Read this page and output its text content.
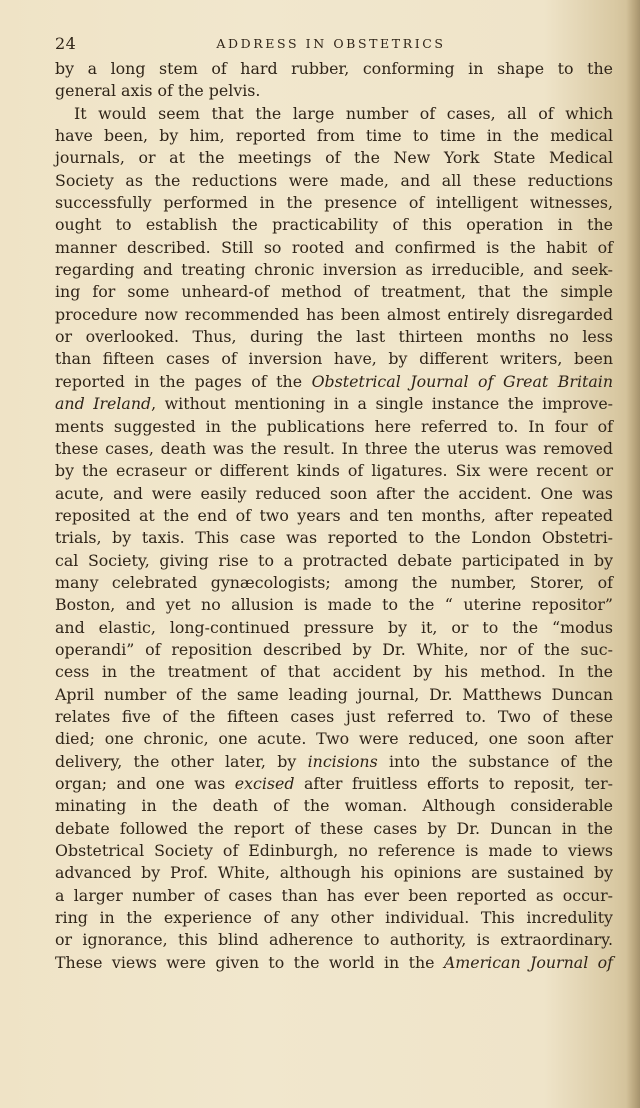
24	ADDRESS IN OBSTETRICS
by a long stem of hard rubber, conforming in shape to the
general axis of the pelvis.
It would seem that the large number of cases, all of which
have been, by him, reported from time to time in the medical
journals, or at the meetings of the New York State Medical
Society as the reductions were made, and all these reductions
successfully performed in the presence of intelligent witnesses,
ought to establish the practicability of this operation in the
manner described. Still so rooted and confirmed is the habit of
regarding and treating chronic inversion as irreducible, and seek-
ing for some unheard-of method of treatment, that the simple
procedure now recommended has been almost entirely disregarded
or overlooked. Thus, during the last thirteen months no less
than fifteen cases of inversion have, by different writers, been
reported in the pages of the Obstetrical Journal of Great Britain
and Ireland, without mentioning in a single instance the improve-
ments suggested in the publications here referred to. In four of
these cases, death was the result. In three the uterus was removed
by the ecraseur or different kinds of ligatures. Six were recent or
acute, and were easily reduced soon after the accident. One was
reposited at the end of two years and ten months, after repeated
trials, by taxis. This case was reported to the London Obstetri-
cal Society, giving rise to a protracted debate participated in by
many celebrated gynæcologists; among the number, Storer, of
Boston, and yet no allusion is made to the “ uterine repositor”
and elastic, long-continued pressure by it, or to the “modus
operandi” of reposition described by Dr. White, nor of the suc-
cess in the treatment of that accident by his method. In the
April number of the same leading journal, Dr. Matthews Duncan
relates five of the fifteen cases just referred to. Two of these
died; one chronic, one acute. Two were reduced, one soon after
delivery, the other later, by incisions into the substance of the
organ; and one was excised after fruitless efforts to reposit, ter-
minating in the death of the woman. Although considerable
debate followed the report of these cases by Dr. Duncan in the
Obstetrical Society of Edinburgh, no reference is made to views
advanced by Prof. White, although his opinions are sustained by
a larger number of cases than has ever been reported as occur-
ring in the experience of any other individual. This incredulity
or ignorance, this blind adherence to authority, is extraordinary.
These views were given to the world in the American Journal of
